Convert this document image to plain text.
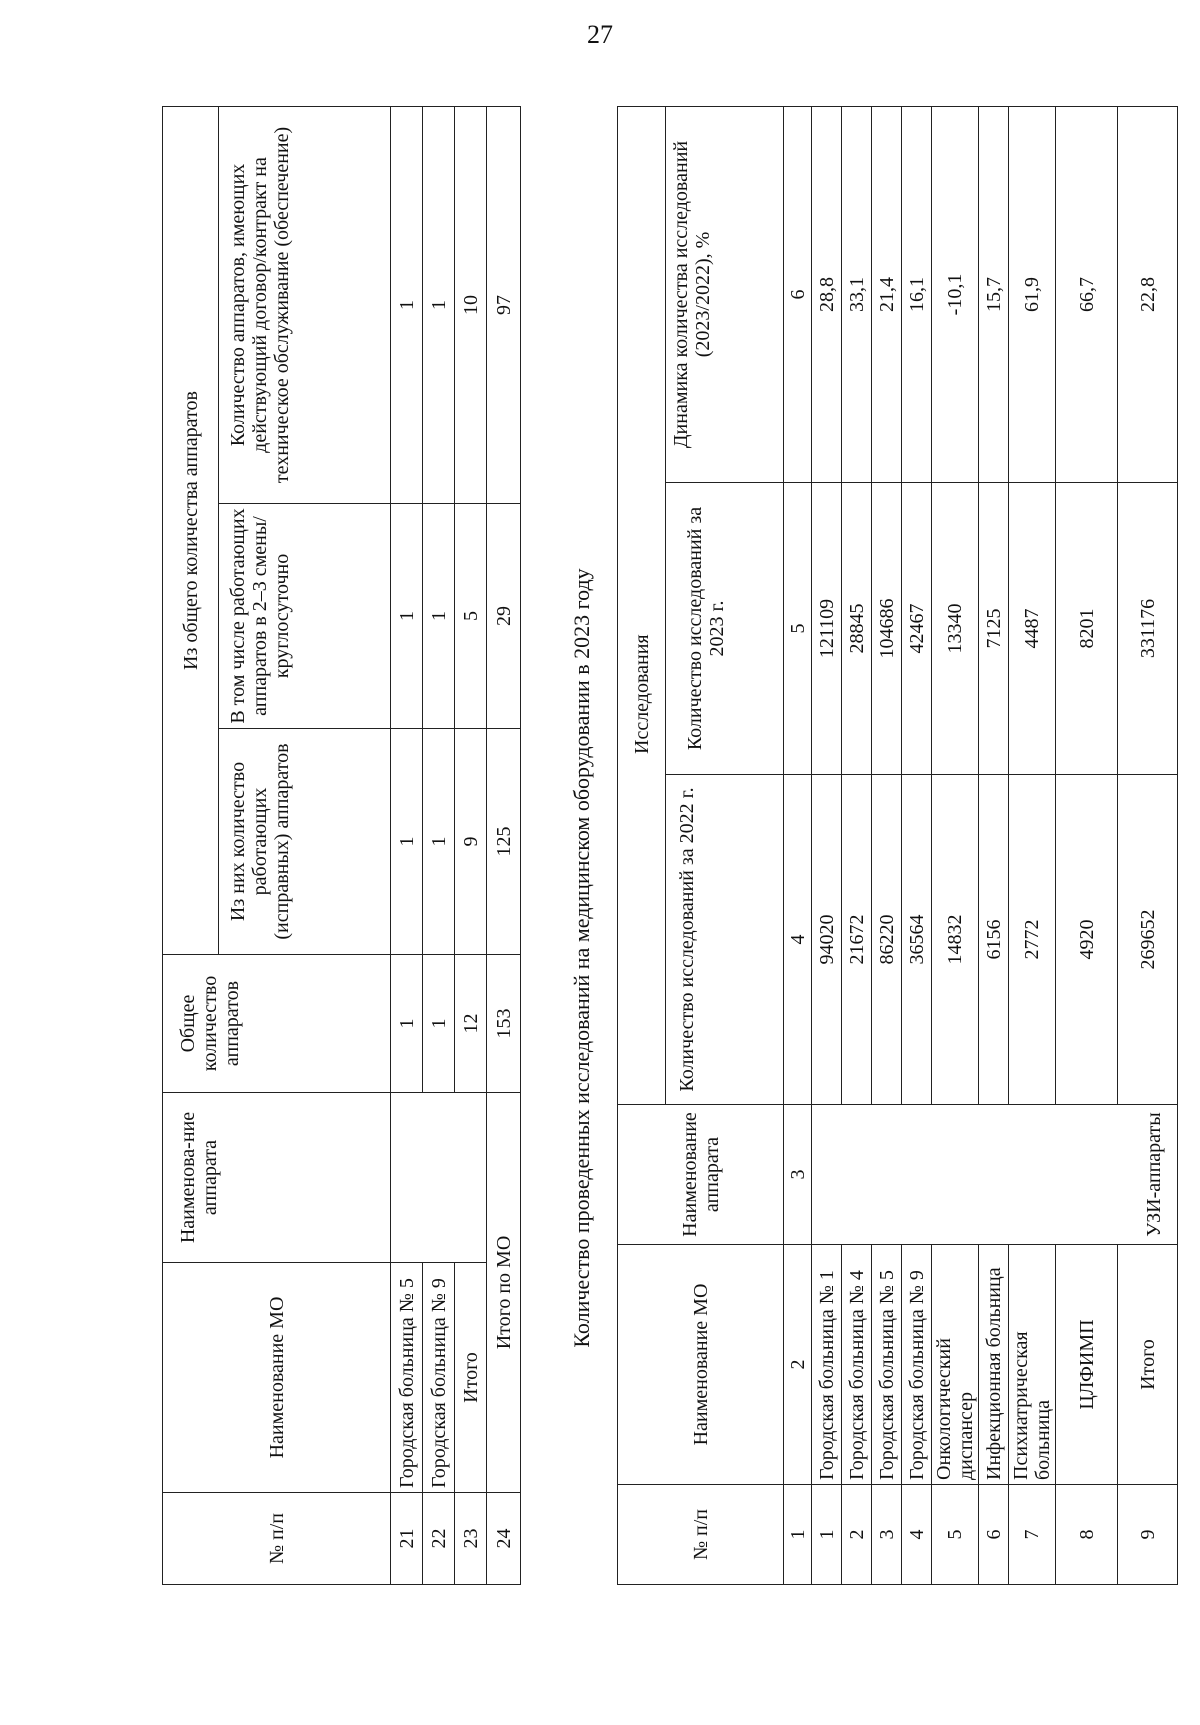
27
№ п/п	Наименование МО	Наименова-ние аппарата	Общее количество аппаратов	Из общего количества аппаратов		
				Из них количество работающих (исправных) аппаратов	В том числе работающих аппаратов в 2–3 смены/ круглосуточно	Количество аппаратов, имеющих действующий договор/контракт на техническое обслуживание (обеспечение)
21	Городская больница № 5		1	1	1	1
22	Городская больница № 9		1	1	1	1
23	Итого		12	9	5	10
24	Итого по МО		153	125	29	97
Количество проведенных исследований на медицинском оборудовании в 2023 году
№ п/п	Наименование МО	Наименование аппарата		Исследования	
			Количество исследований за 2022 г.	Количество исследований за 2023 г.	Динамика количества исследований (2023/2022), %
1	2	3	4	5	6
1	Городская больница № 1	УЗИ-аппараты	94020	121109	28,8
2	Городская больница № 4		21672	28845	33,1
3	Городская больница № 5		86220	104686	21,4
4	Городская больница № 9		36564	42467	16,1
5	Онкологический диспансер		14832	13340	-10,1
6	Инфекционная больница		6156	7125	15,7
7	Психиатрическая больница		2772	4487	61,9
8	ЦЛФИМП		4920	8201	66,7
9	Итого		269652	331176	22,8
